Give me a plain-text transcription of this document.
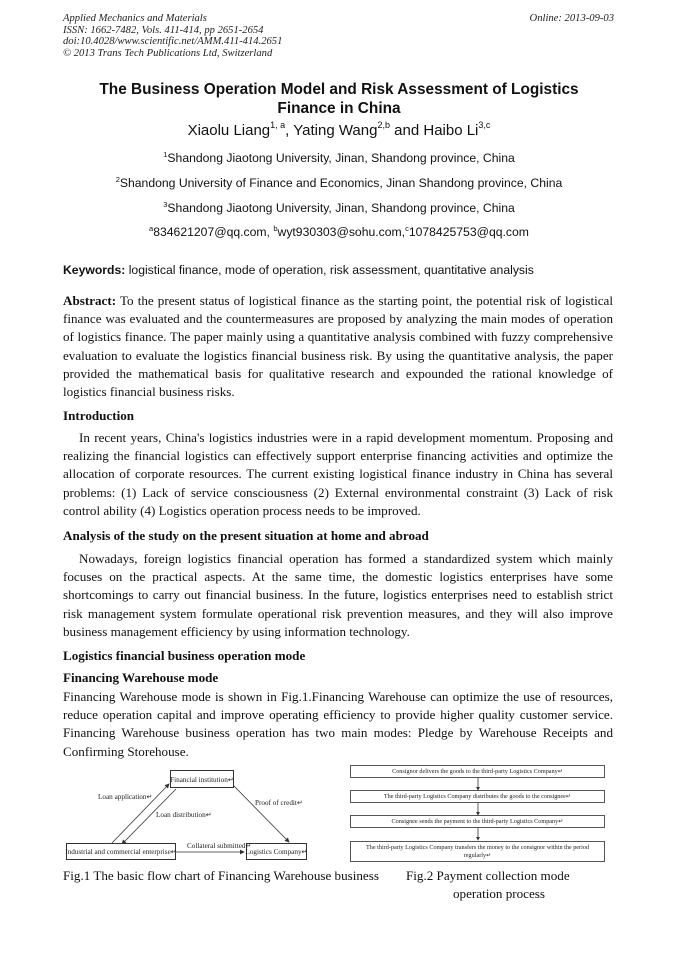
Applied Mechanics and Materials
ISSN: 1662-7482, Vols. 411-414, pp 2651-2654
doi:10.4028/www.scientific.net/AMM.411-414.2651
© 2013 Trans Tech Publications Ltd, Switzerland
Online: 2013-09-03
The Business Operation Model and Risk Assessment of Logistics
Finance in China
Xiaolu Liang$^{1, a}$, Yating Wang$^{2,b}$ and Haibo Li$^{3,c}$
$^1$Shandong Jiaotong University, Jinan, Shandong province, China
$^2$Shandong University of Finance and Economics, Jinan Shandong province, China
$^3$Shandong Jiaotong University, Jinan, Shandong province, China
$^a$834621207@qq.com, $^b$wyt930303@sohu.com,$^c$1078425753@qq.com
Keywords: logistical finance, mode of operation, risk assessment, quantitative analysis
Abstract: To the present status of logistical finance as the starting point, the potential risk of logistical finance was evaluated and the countermeasures are proposed by analyzing the main modes of operation of logistics finance. The paper mainly using a quantitative analysis combined with fuzzy comprehensive evaluation to evaluate the logistics financial business risk. By using the quantitative analysis, the paper provided the mathematical basis for qualitative research and expounded the rational knowledge of logistics financial business risks.
Introduction
In recent years, China's logistics industries were in a rapid development momentum. Proposing and realizing the financial logistics can effectively support enterprise financing activities and optimize the allocation of corporate resources. The current existing logistical finance industry in China has several problems: (1) Lack of service consciousness (2) External environmental constraint (3) Lack of risk control ability (4) Logistics operation process needs to be improved.
Analysis of the study on the present situation at home and abroad
Nowadays, foreign logistics financial operation has formed a standardized system which mainly focuses on the practical aspects. At the same time, the domestic logistics enterprises have some shortcomings to carry out financial business. In the future, logistics enterprises need to establish strict risk management system formulate operational risk prevention measures, and they will also improve business management efficiency by using information technology.
Logistics financial business operation mode
Financing Warehouse mode
Financing Warehouse mode is shown in Fig.1.Financing Warehouse can optimize the use of resources, reduce operation capital and improve operating efficiency to provide higher quality customer service. Financing Warehouse business operation has two main modes: Pledge by Warehouse Receipts and Confirming Storehouse.
Financial institution↵
Industrial and commercial enterprise↵	Logistics Company↵
Loan application↵
Loan distribution↵
Proof of credit↵
Collateral submitted↵
Consignor delivers the goods to the third-party Logistics Company↵
The third-party Logistics Company distributes the goods to the consignee↵
Consignee sends the payment to the third-party Logistics Company↵
The third-party Logistics Company transfers the money to the consignor within the period regularly↵
Fig.1 The basic flow chart of Financing Warehouse business Fig.2 Payment collection mode
operation process
